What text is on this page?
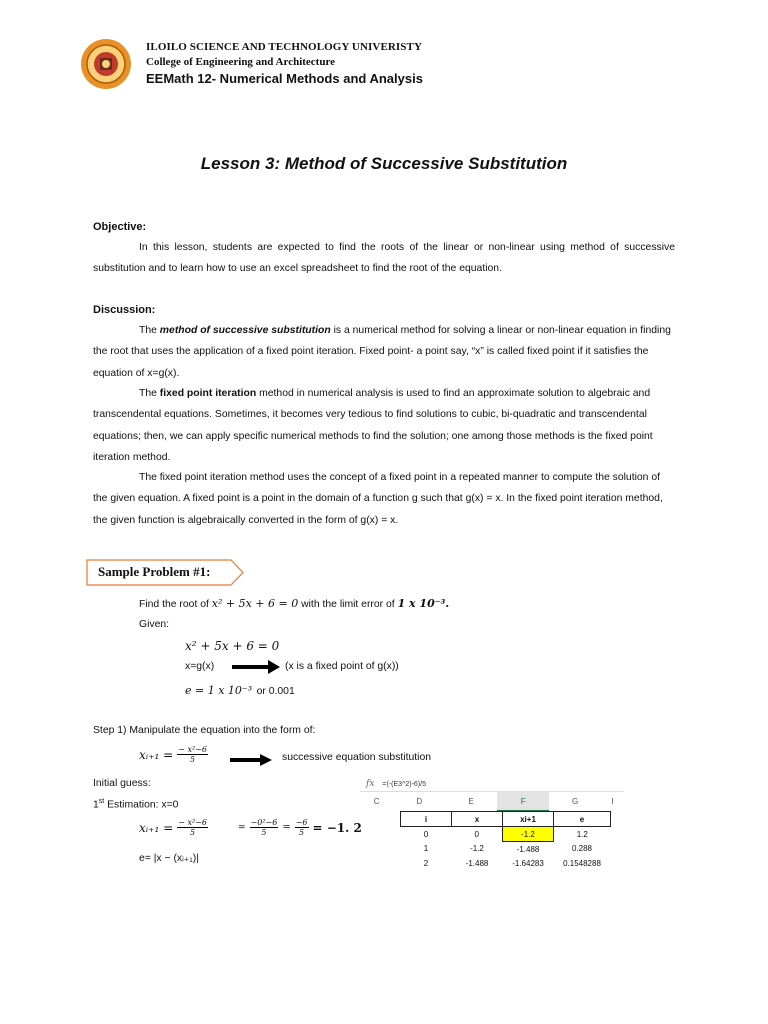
ILOILO SCIENCE AND TECHNOLOGY UNIVERISTY
College of Engineering and Architecture
EEMath 12- Numerical Methods and Analysis
Lesson 3: Method of Successive Substitution
Objective:
In this lesson, students are expected to find the roots of the linear or non-linear using method of successive substitution and to learn how to use an excel spreadsheet to find the root of the equation.
Discussion:
The method of successive substitution is a numerical method for solving a linear or non-linear equation in finding the root that uses the application of a fixed point iteration. Fixed point- a point say, “x” is called fixed point if it satisfies the equation of x=g(x).
The fixed point iteration method in numerical analysis is used to find an approximate solution to algebraic and transcendental equations. Sometimes, it becomes very tedious to find solutions to cubic, bi-quadratic and transcendental equations; then, we can apply specific numerical methods to find the solution; one among those methods is the fixed point iteration method.
The fixed point iteration method uses the concept of a fixed point in a repeated manner to compute the solution of the given equation. A fixed point is a point in the domain of a function g such that g(x) = x. In the fixed point iteration method, the given function is algebraically converted in the form of g(x) = x.
Sample Problem #1:
Find the root of x² + 5x + 6 = 0 with the limit error of 1 x 10⁻³.
Given:
x² + 5x + 6 = 0
x=g(x)	(x is a fixed point of g(x))
e = 1 x 10⁻³ or 0.001
Step 1) Manipulate the equation into the form of:
xᵢ₊₁ = $\frac{\text{− x²−6}}{5}$	successive equation substitution
Initial guess:
1st Estimation: x=0
xᵢ₊₁ = $\frac{\text{− x²−6}}{5}$	= $\frac{\text{−0²−6}}{5} = \frac{-6}{5} = -1$. 2
e= |x − (xᵢ₊₁)|
fx =(-(E3^2)-6)/5
C	D	E	F	G	I
i	x	xi+1	e
0	0	-1.2	1.2
1	-1.2	-1.488	0.288
2	-1.488	-1.64283	0.1548288
